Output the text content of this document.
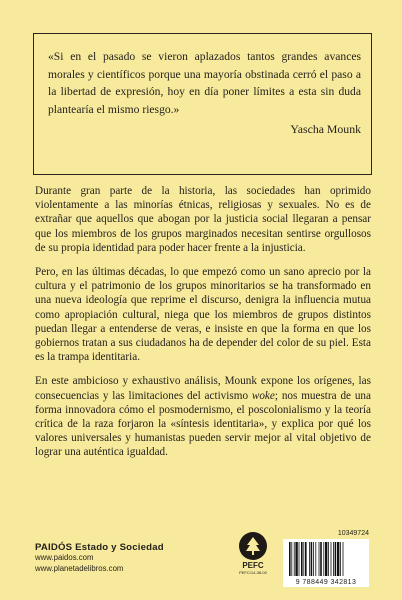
«Si en el pasado se vieron aplazados tantos grandes avances morales y científicos porque una mayoría obstinada cerró el paso a la libertad de expresión, hoy en día poner límites a esta sin duda plantearía el mismo riesgo.»

Yascha Mounk

Durante gran parte de la historia, las sociedades han oprimido violentamente a las minorías étnicas, religiosas y sexuales. No es de extrañar que aquellos que abogan por la justicia social llegaran a pensar que los miembros de los grupos marginados necesitan sentirse orgullosos de su propia identidad para poder hacer frente a la injusticia.

Pero, en las últimas décadas, lo que empezó como un sano aprecio por la cultura y el patrimonio de los grupos minoritarios se ha transformado en una nueva ideología que reprime el discurso, denigra la influencia mutua como apropiación cultural, niega que los miembros de grupos distintos puedan llegar a entenderse de veras, e insiste en que la forma en que los gobiernos tratan a sus ciudadanos ha de depender del color de su piel. Esta es la trampa identitaria.

En este ambicioso y exhaustivo análisis, Mounk expone los orígenes, las consecuencias y las limitaciones del activismo woke; nos muestra de una forma innovadora cómo el posmodernismo, el poscolonialismo y la teoría crítica de la raza forjaron la «síntesis identitaria», y explica por qué los valores universales y humanistas pueden servir mejor al vital objetivo de lograr una auténtica igualdad.

PAIDÓS Estado y Sociedad
www.paidos.com
www.planetadelibros.com	PEFC
PEFC/14-38-00
10349724
9 788449 342813
